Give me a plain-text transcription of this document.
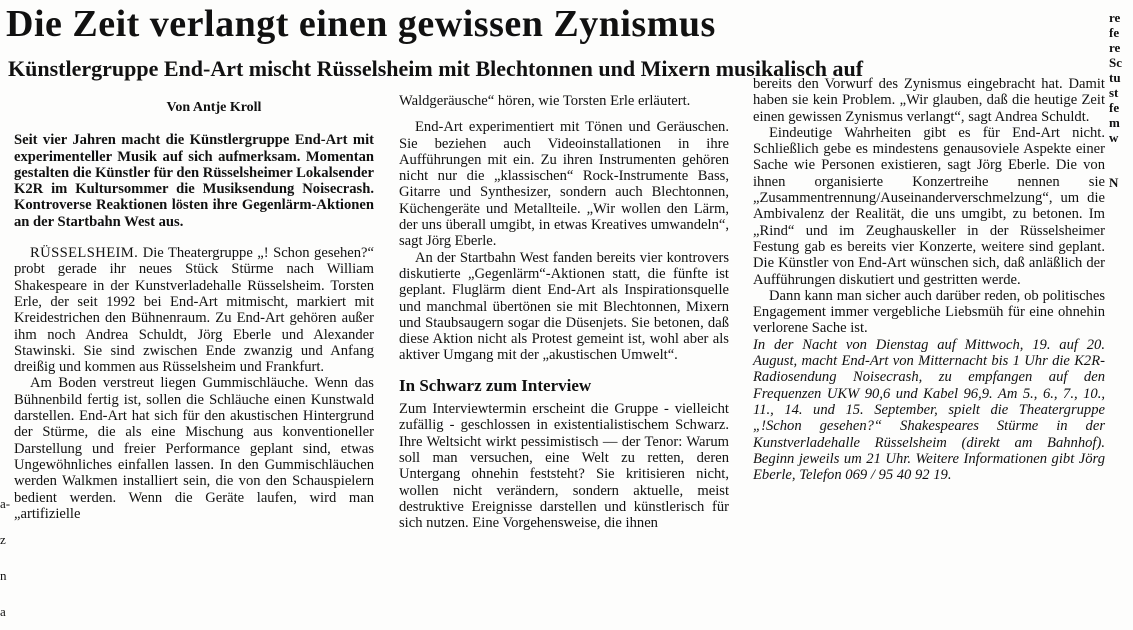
Die Zeit verlangt einen gewissen Zynismus
Künstlergruppe End-Art mischt Rüsselsheim mit Blechtonnen und Mixern musikalisch auf

Von Antje Kroll

Seit vier Jahren macht die Künstlergruppe End-Art mit experimenteller Musik auf sich aufmerksam. Momentan gestalten die Künstler für den Rüsselsheimer Lokalsender K2R im Kultursommer die Musiksendung Noisecrash. Kontroverse Reaktionen lösten ihre Gegenlärm-Aktionen an der Startbahn West aus.

RÜSSELSHEIM. Die Theatergruppe „! Schon gesehen?“ probt gerade ihr neues Stück Stürme nach William Shakespeare in der Kunstverladehalle Rüsselsheim. Torsten Erle, der seit 1992 bei End-Art mitmischt, markiert mit Kreidestrichen den Bühnenraum. Zu End-Art gehören außer ihm noch Andrea Schuldt, Jörg Eberle und Alexander Stawinski. Sie sind zwischen Ende zwanzig und Anfang dreißig und kommen aus Rüsselsheim und Frankfurt.

Am Boden verstreut liegen Gummischläuche. Wenn das Bühnenbild fertig ist, sollen die Schläuche einen Kunstwald darstellen. End-Art hat sich für den akustischen Hintergrund der Stürme, die als eine Mischung aus konventioneller Darstellung und freier Performance geplant sind, etwas Ungewöhnliches einfallen lassen. In den Gummischläuchen werden Walkmen installiert sein, die von den Schauspielern bedient werden. Wenn die Geräte laufen, wird man „artifizielle

Waldgeräusche“ hören, wie Torsten Erle erläutert.

End-Art experimentiert mit Tönen und Geräuschen. Sie beziehen auch Videoinstallationen in ihre Aufführungen mit ein. Zu ihren Instrumenten gehören nicht nur die „klassischen“ Rock-Instrumente Bass, Gitarre und Synthesizer, sondern auch Blechtonnen, Küchengeräte und Metallteile. „Wir wollen den Lärm, der uns überall umgibt, in etwas Kreatives umwandeln“, sagt Jörg Eberle.

An der Startbahn West fanden bereits vier kontrovers diskutierte „Gegenlärm“-Aktionen statt, die fünfte ist geplant. Fluglärm dient End-Art als Inspirationsquelle und manchmal übertönen sie mit Blechtonnen, Mixern und Staubsaugern sogar die Düsenjets. Sie betonen, daß diese Aktion nicht als Protest gemeint ist, wohl aber als aktiver Umgang mit der „akustischen Umwelt“.

In Schwarz zum Interview

Zum Interviewtermin erscheint die Gruppe - vielleicht zufällig - geschlossen in existentialistischem Schwarz. Ihre Weltsicht wirkt pessimistisch — der Tenor: Warum soll man versuchen, eine Welt zu retten, deren Untergang ohnehin feststeht? Sie kritisieren nicht, wollen nicht verändern, sondern aktuelle, meist destruktive Ereignisse darstellen und künstlerisch für sich nutzen. Eine Vorgehensweise, die ihnen

bereits den Vorwurf des Zynismus eingebracht hat. Damit haben sie kein Problem. „Wir glauben, daß die heutige Zeit einen gewissen Zynismus verlangt“, sagt Andrea Schuldt.

Eindeutige Wahrheiten gibt es für End-Art nicht. Schließlich gebe es mindestens genausoviele Aspekte einer Sache wie Personen existieren, sagt Jörg Eberle. Die von ihnen organisierte Konzertreihe nennen sie „Zusammentrennung/Auseinanderverschmelzung“, um die Ambivalenz der Realität, die uns umgibt, zu betonen. Im „Rind“ und im Zeughauskeller in der Rüsselsheimer Festung gab es bereits vier Konzerte, weitere sind geplant. Die Künstler von End-Art wünschen sich, daß anläßlich der Aufführungen diskutiert und gestritten werde.

Dann kann man sicher auch darüber reden, ob politisches Engagement immer vergebliche Liebsmüh für eine ohnehin verlorene Sache ist.

In der Nacht von Dienstag auf Mittwoch, 19. auf 20. August, macht End-Art von Mitternacht bis 1 Uhr die K2R-Radiosendung Noisecrash, zu empfangen auf den Frequenzen UKW 90,6 und Kabel 96,9. Am 5., 6., 7., 10., 11., 14. und 15. September, spielt die Theatergruppe „!Schon gesehen?“ Shakespeares Stürme in der Kunstverladehalle Rüsselsheim (direkt am Bahnhof). Beginn jeweils um 21 Uhr. Weitere Informationen gibt Jörg Eberle, Telefon 069 / 95 40 92 19.

re
fe
re
Sc
tu
st
fe
m
w

N
a-
z
n
a
